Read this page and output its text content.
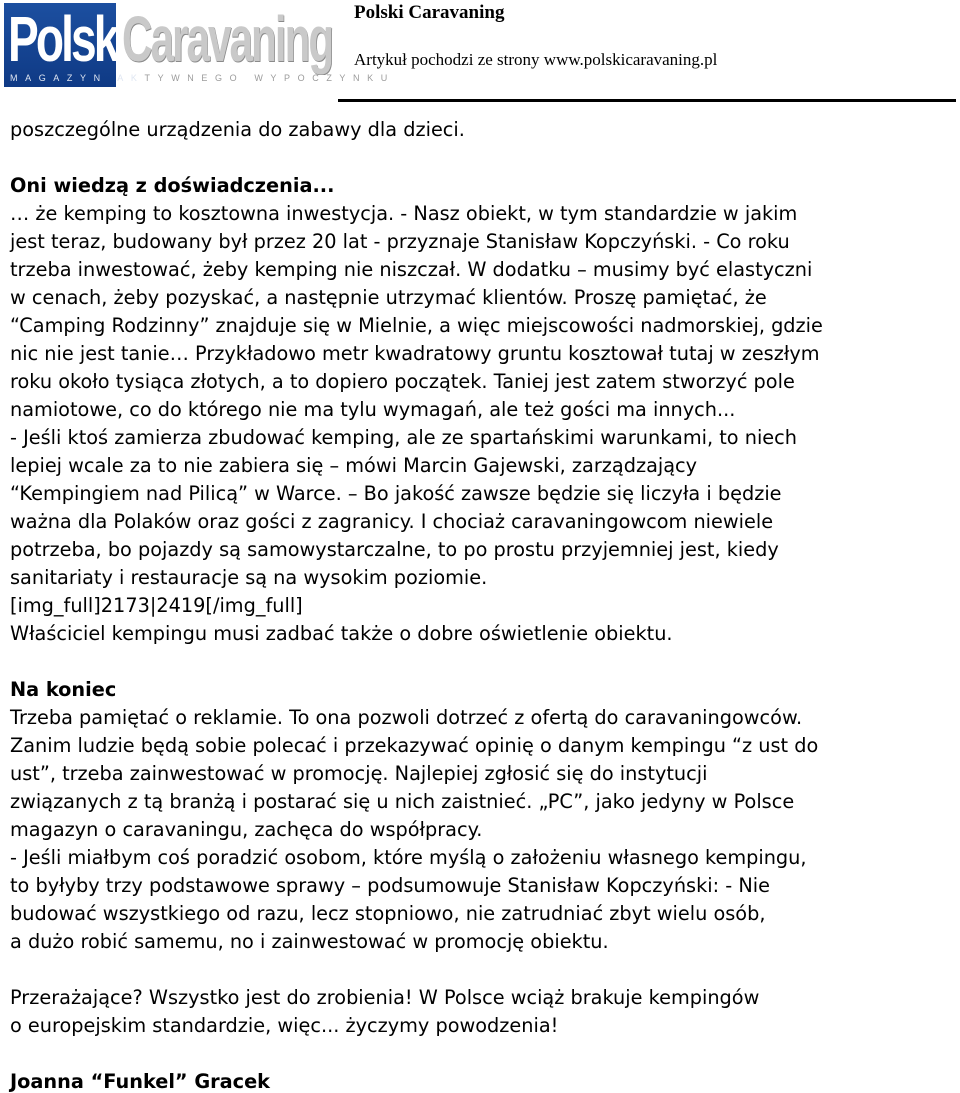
Polski
Caravaning
MAGAZYN AKTYWNEGO WYPOCZYNKU
Polski Caravaning
Artykuł pochodzi ze strony www.polskicaravaning.pl
poszczególne urządzenia do zabawy dla dzieci.
Oni wiedzą z doświadczenia...
… że kemping to kosztowna inwestycja. - Nasz obiekt, w tym standardzie w jakim
jest teraz, budowany był przez 20 lat - przyznaje Stanisław Kopczyński. - Co roku
trzeba inwestować, żeby kemping nie niszczał. W dodatku – musimy być elastyczni
w cenach, żeby pozyskać, a następnie utrzymać klientów. Proszę pamiętać, że
“Camping Rodzinny” znajduje się w Mielnie, a więc miejscowości nadmorskiej, gdzie
nic nie jest tanie… Przykładowo metr kwadratowy gruntu kosztował tutaj w zeszłym
roku około tysiąca złotych, a to dopiero początek. Taniej jest zatem stworzyć pole
namiotowe, co do którego nie ma tylu wymagań, ale też gości ma innych...
- Jeśli ktoś zamierza zbudować kemping, ale ze spartańskimi warunkami, to niech
lepiej wcale za to nie zabiera się – mówi Marcin Gajewski, zarządzający
“Kempingiem nad Pilicą” w Warce. – Bo jakość zawsze będzie się liczyła i będzie
ważna dla Polaków oraz gości z zagranicy. I chociaż caravaningowcom niewiele
potrzeba, bo pojazdy są samowystarczalne, to po prostu przyjemniej jest, kiedy
sanitariaty i restauracje są na wysokim poziomie.
[img_full]2173|2419[/img_full]
Właściciel kempingu musi zadbać także o dobre oświetlenie obiektu.
Na koniec
Trzeba pamiętać o reklamie. To ona pozwoli dotrzeć z ofertą do caravaningowców.
Zanim ludzie będą sobie polecać i przekazywać opinię o danym kempingu “z ust do
ust”, trzeba zainwestować w promocję. Najlepiej zgłosić się do instytucji
związanych z tą branżą i postarać się u nich zaistnieć. „PC”, jako jedyny w Polsce
magazyn o caravaningu, zachęca do współpracy.
- Jeśli miałbym coś poradzić osobom, które myślą o założeniu własnego kempingu,
to byłyby trzy podstawowe sprawy – podsumowuje Stanisław Kopczyński: - Nie
budować wszystkiego od razu, lecz stopniowo, nie zatrudniać zbyt wielu osób,
a dużo robić samemu, no i zainwestować w promocję obiektu.
Przerażające? Wszystko jest do zrobienia! W Polsce wciąż brakuje kempingów
o europejskim standardzie, więc... życzymy powodzenia!
Joanna “Funkel” Gracek
